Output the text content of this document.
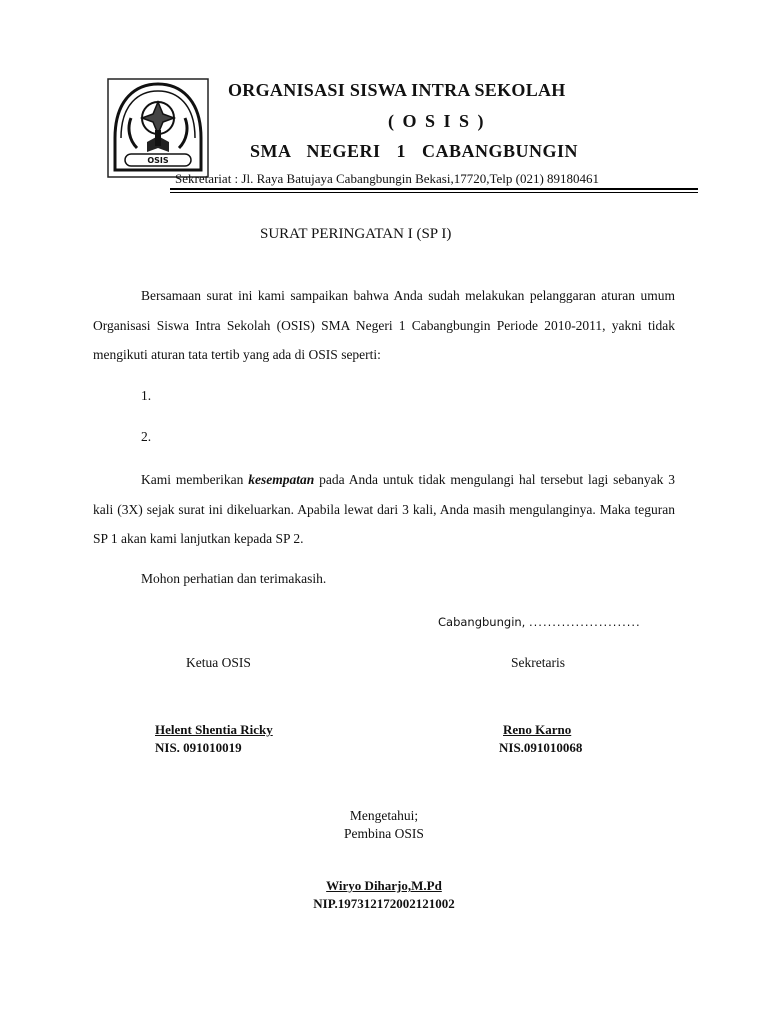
OSIS
ORGANISASI SISWA INTRA SEKOLAH
( O S I S )
SMA  NEGERI  1  CABANGBUNGIN
Sekretariat : Jl. Raya Batujaya Cabangbungin Bekasi,17720,Telp (021) 89180461
SURAT PERINGATAN I (SP I)
Bersamaan surat ini kami sampaikan bahwa Anda sudah melakukan pelanggaran aturan umum Organisasi Siswa Intra Sekolah (OSIS) SMA Negeri 1 Cabangbungin Periode 2010-2011, yakni tidak mengikuti aturan tata tertib yang ada di OSIS seperti:
1.
2.
Kami memberikan kesempatan pada Anda untuk tidak mengulangi hal tersebut lagi sebanyak 3 kali (3X) sejak surat ini dikeluarkan. Apabila lewat dari 3 kali, Anda masih mengulanginya. Maka teguran SP 1 akan kami lanjutkan kepada SP 2.
Mohon perhatian dan terimakasih.
Cabangbungin, ........................
Ketua OSIS	Sekretaris
Helent Shentia Ricky
NIS. 091010019
Reno Karno
NIS.091010068
Mengetahui;
Pembina OSIS
Wiryo Diharjo,M.Pd
NIP.197312172002121002
